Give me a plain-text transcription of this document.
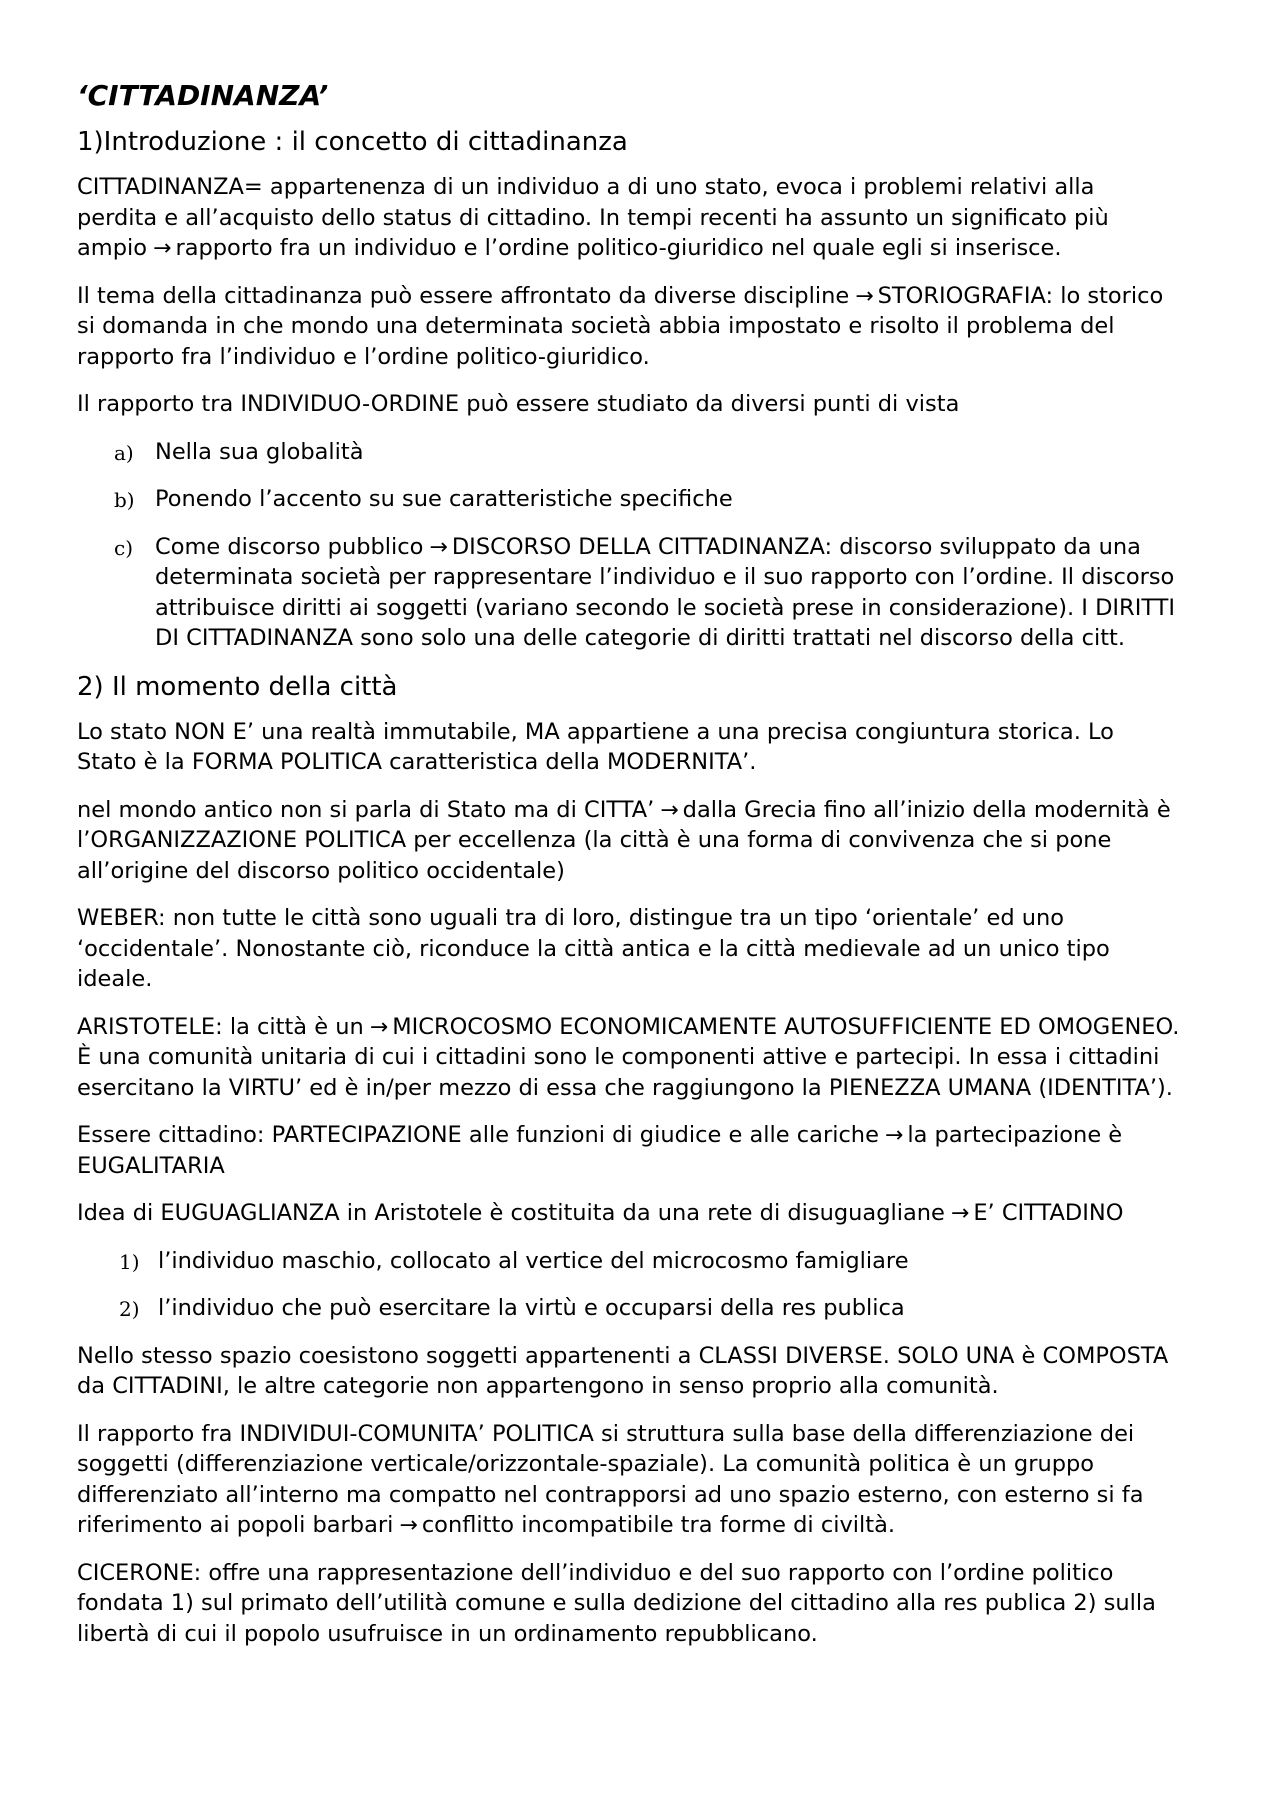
‘CITTADINANZA’
1)Introduzione : il concetto di cittadinanza

CITTADINANZA= appartenenza di un individuo a di uno stato, evoca i problemi relativi alla perdita e all’acquisto dello status di cittadino. In tempi recenti ha assunto un significato più ampio → rapporto fra un individuo e l’ordine politico-giuridico nel quale egli si inserisce.

Il tema della cittadinanza può essere affrontato da diverse discipline → STORIOGRAFIA: lo storico si domanda in che mondo una determinata società abbia impostato e risolto il problema del rapporto fra l’individuo e l’ordine politico-giuridico.

Il rapporto tra INDIVIDUO-ORDINE può essere studiato da diversi punti di vista

a) Nella sua globalità
b) Ponendo l’accento su sue caratteristiche specifiche
c) Come discorso pubblico → DISCORSO DELLA CITTADINANZA: discorso sviluppato da una determinata società per rappresentare l’individuo e il suo rapporto con l’ordine. Il discorso attribuisce diritti ai soggetti (variano secondo le società prese in considerazione). I DIRITTI DI CITTADINANZA sono solo una delle categorie di diritti trattati nel discorso della citt.
2) Il momento della città

Lo stato NON E’ una realtà immutabile, MA appartiene a una precisa congiuntura storica. Lo Stato è la FORMA POLITICA caratteristica della MODERNITA’.

nel mondo antico non si parla di Stato ma di CITTA’ → dalla Grecia fino all’inizio della modernità è l’ORGANIZZAZIONE POLITICA per eccellenza (la città è una forma di convivenza che si pone all’origine del discorso politico occidentale)

WEBER: non tutte le città sono uguali tra di loro, distingue tra un tipo ‘orientale’ ed uno ‘occidentale’. Nonostante ciò, riconduce la città antica e la città medievale ad un unico tipo ideale.

ARISTOTELE: la città è un → MICROCOSMO ECONOMICAMENTE AUTOSUFFICIENTE ED OMOGENEO. È una comunità unitaria di cui i cittadini sono le componenti attive e partecipi. In essa i cittadini esercitano la VIRTU’ ed è in/per mezzo di essa che raggiungono la PIENEZZA UMANA (IDENTITA’).

Essere cittadino: PARTECIPAZIONE alle funzioni di giudice e alle cariche → la partecipazione è EUGALITARIA

Idea di EUGUAGLIANZA in Aristotele è costituita da una rete di disuguagliane → E’ CITTADINO

1) l’individuo maschio, collocato al vertice del microcosmo famigliare
2) l’individuo che può esercitare la virtù e occuparsi della res publica

Nello stesso spazio coesistono soggetti appartenenti a CLASSI DIVERSE. SOLO UNA è COMPOSTA da CITTADINI, le altre categorie non appartengono in senso proprio alla comunità.

Il rapporto fra INDIVIDUI-COMUNITA’ POLITICA si struttura sulla base della differenziazione dei soggetti (differenziazione verticale/orizzontale-spaziale). La comunità politica è un gruppo differenziato all’interno ma compatto nel contrapporsi ad uno spazio esterno, con esterno si fa riferimento ai popoli barbari → conflitto incompatibile tra forme di civiltà.

CICERONE: offre una rappresentazione dell’individuo e del suo rapporto con l’ordine politico fondata 1) sul primato dell’utilità comune e sulla dedizione del cittadino alla res publica 2) sulla libertà di cui il popolo usufruisce in un ordinamento repubblicano.
